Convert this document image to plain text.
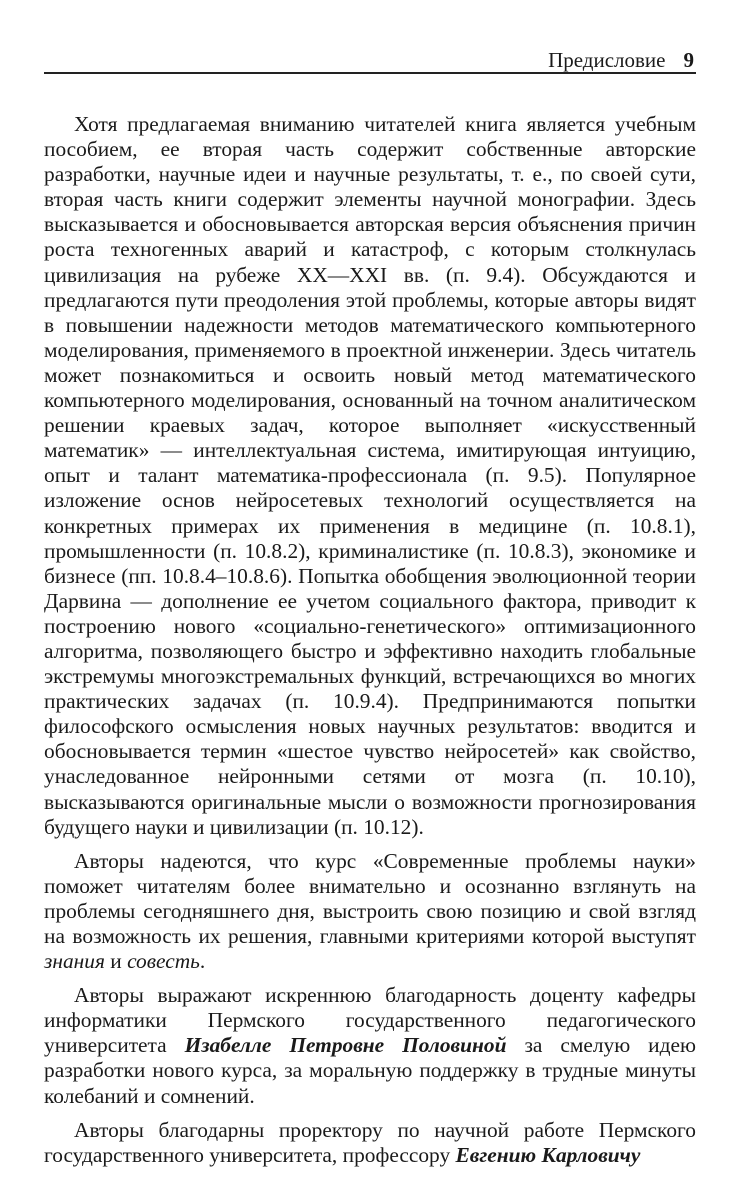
Предисловие 9

Хотя предлагаемая вниманию читателей книга является учебным пособием, ее вторая часть содержит собственные авторские разработки, научные идеи и научные результаты, т. е., по своей сути, вторая часть книги содержит элементы научной монографии. Здесь высказывается и обосновывается авторская версия объяснения причин роста техногенных аварий и катастроф, с которым столкнулась цивилизация на рубеже XX—XXI вв. (п. 9.4). Обсуждаются и предлагаются пути преодоления этой проблемы, которые авторы видят в повышении надежности методов математического компьютерного моделирования, применяемого в проектной инженерии. Здесь читатель может познакомиться и освоить новый метод математического компьютерного моделирования, основанный на точном аналитическом решении краевых задач, которое выполняет «искусственный математик» — интеллектуальная система, имитирующая интуицию, опыт и талант математика-профессионала (п. 9.5). Популярное изложение основ нейросетевых технологий осуществляется на конкретных примерах их применения в медицине (п. 10.8.1), промышленности (п. 10.8.2), криминалистике (п. 10.8.3), экономике и бизнесе (пп. 10.8.4–10.8.6). Попытка обобщения эволюционной теории Дарвина — дополнение ее учетом социального фактора, приводит к построению нового «социально-генетического» оптимизационного алгоритма, позволяющего быстро и эффективно находить глобальные экстремумы многоэкстремальных функций, встречающихся во многих практических задачах (п. 10.9.4). Предпринимаются попытки философского осмысления новых научных результатов: вводится и обосновывается термин «шестое чувство нейросетей» как свойство, унаследованное нейронными сетями от мозга (п. 10.10), высказываются оригинальные мысли о возможности прогнозирования будущего науки и цивилизации (п. 10.12).

Авторы надеются, что курс «Современные проблемы науки» поможет читателям более внимательно и осознанно взглянуть на проблемы сегодняшнего дня, выстроить свою позицию и свой взгляд на возможность их решения, главными критериями которой выступят знания и совесть.

Авторы выражают искреннюю благодарность доценту кафедры информатики Пермского государственного педагогического университета Изабелле Петровне Половиной за смелую идею разработки нового курса, за моральную поддержку в трудные минуты колебаний и сомнений.

Авторы благодарны проректору по научной работе Пермского государственного университета, профессору Евгению Карловичу
